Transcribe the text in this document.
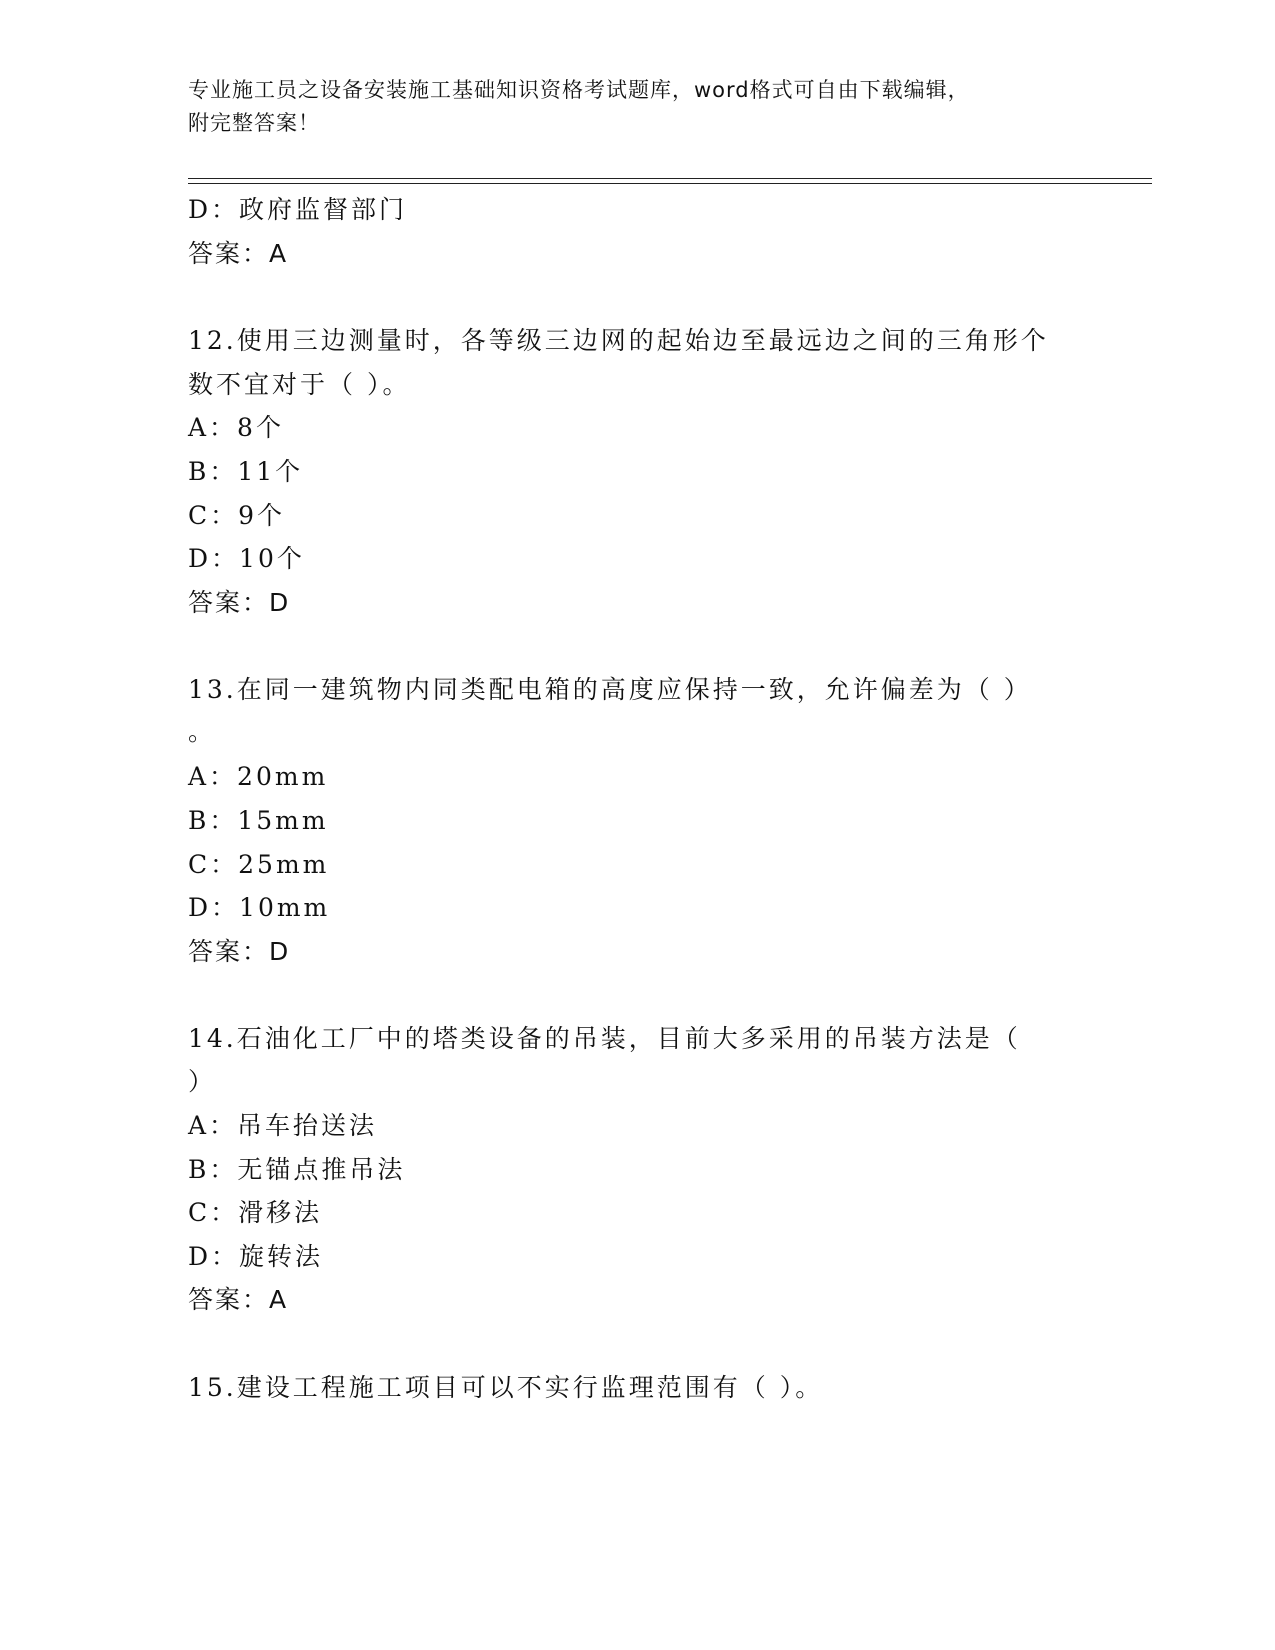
专业施工员之设备安装施工基础知识资格考试题库，word格式可自由下载编辑，
附完整答案！
D：政府监督部门
答案：A
12.使用三边测量时，各等级三边网的起始边至最远边之间的三角形个
数不宜对于（ ）。
A：8个
B：11个
C：9个
D：10个
答案：D
13.在同一建筑物内同类配电箱的高度应保持一致，允许偏差为（ ）
。
A：20mm
B：15mm
C：25mm
D：10mm
答案：D
14.石油化工厂中的塔类设备的吊装，目前大多采用的吊装方法是（
）
A：吊车抬送法
B：无锚点推吊法
C：滑移法
D：旋转法
答案：A
15.建设工程施工项目可以不实行监理范围有（ ）。
